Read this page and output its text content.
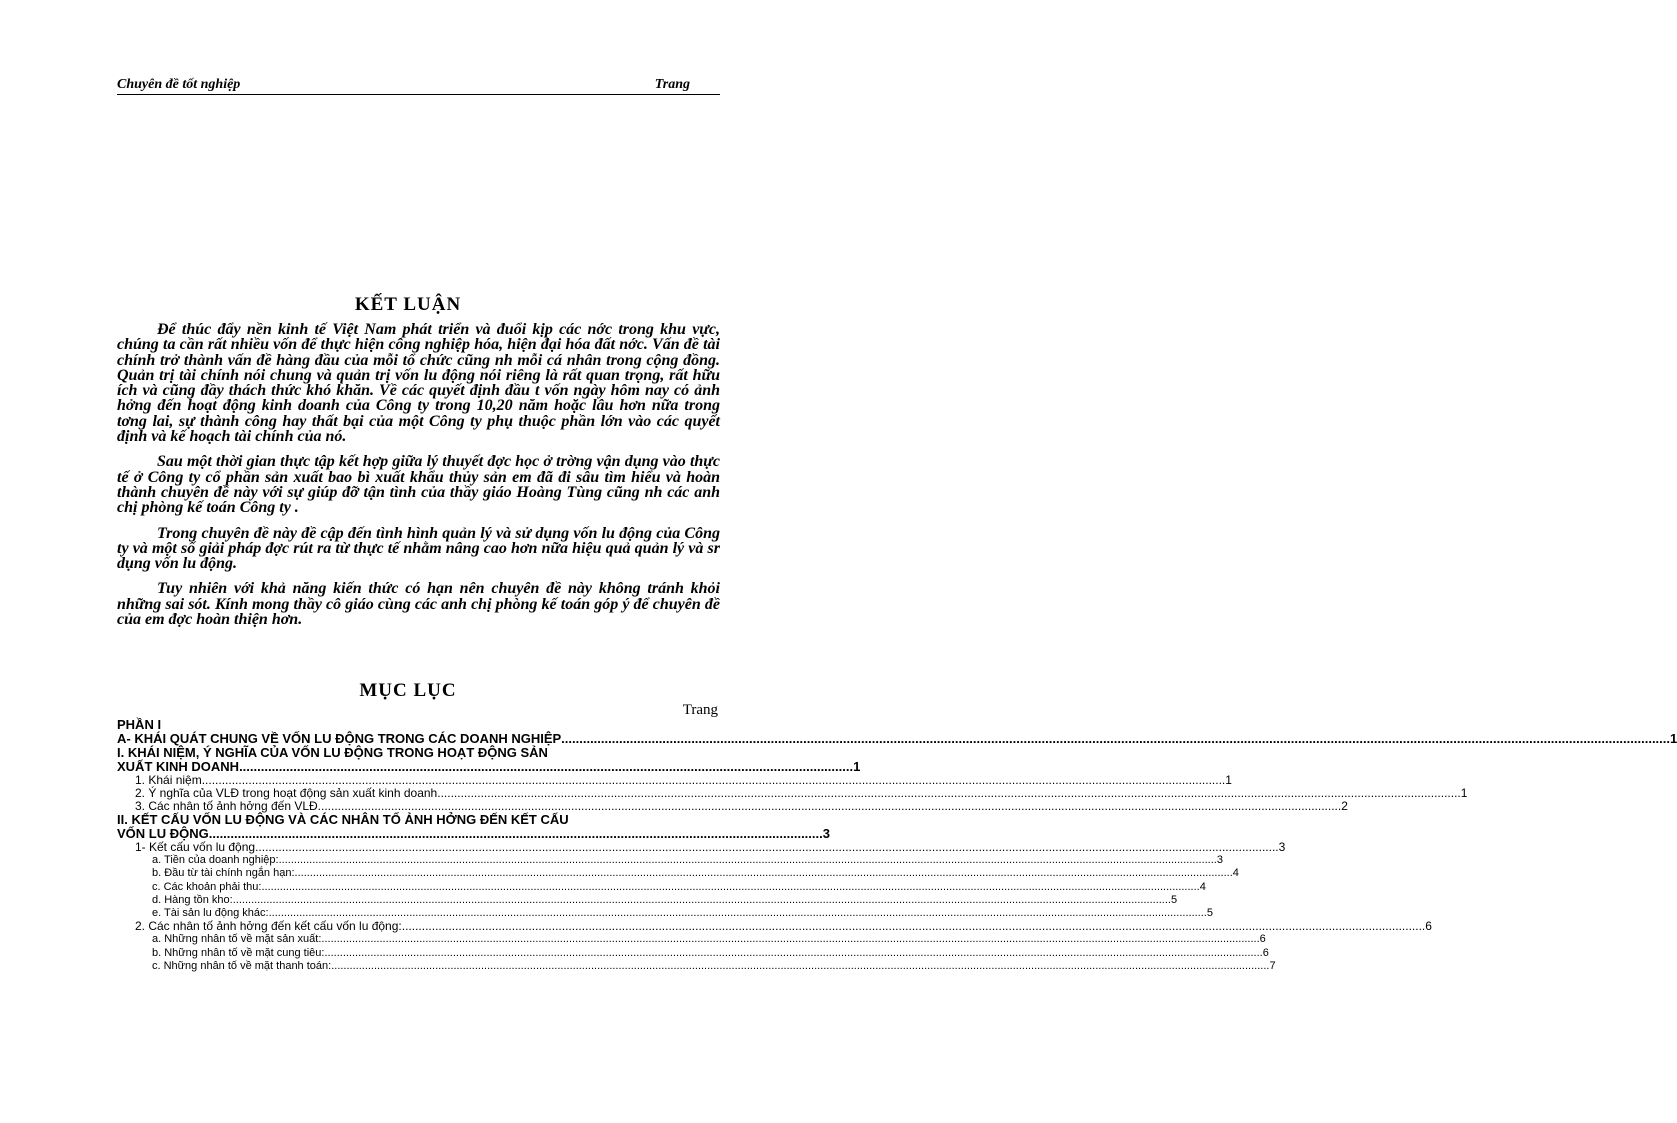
Chuyên đề tốt nghiệp	Trang
KẾT LUẬN

Để thúc đẩy nền kinh tế Việt Nam phát triển và đuổi kịp các nớc trong khu vực, chúng ta cần rất nhiều vốn để thực hiện công nghiệp hóa, hiện đại hóa đất nớc. Vấn đề tài chính trở thành vấn đề hàng đầu của mỗi tổ chức cũng nh mỗi cá nhân trong cộng đồng. Quản trị tài chính nói chung và quản trị vốn lu động nói riêng là rất quan trọng, rất hữu ích và cũng đầy thách thức khó khăn. Về các quyết định đầu t vốn ngày hôm nay có ảnh hởng đến hoạt động kinh doanh của Công ty trong 10,20 năm hoặc lâu hơn nữa trong tơng lai, sự thành công hay thất bại của một Công ty phụ thuộc phần lớn vào các quyết định và kế hoạch tài chính của nó.

Sau một thời gian thực tập kết hợp giữa lý thuyết đợc học ở trờng vận dụng vào thực tế ở Công ty cổ phần sản xuất bao bì xuất khẩu thủy sản em đã đi sâu tìm hiểu và hoàn thành chuyên đề này với sự giúp đỡ tận tình của thầy giáo Hoàng Tùng cũng nh các anh chị phòng kế toán Công ty .

Trong chuyên đề này đề cập đến tình hình quản lý và sử dụng vốn lu động của Công ty và một số giải pháp đợc rút ra từ thực tế nhằm nâng cao hơn nữa hiệu quả quản lý và sr dụng vốn lu động.

Tuy nhiên với khả năng kiến thức có hạn nên chuyên đề này không tránh khỏi những sai sót. Kính mong thầy cô giáo cùng các anh chị phòng kế toán góp ý để chuyên đề của em đợc hoàn thiện hơn.

MỤC LỤC
Trang
PHẦN I
A- KHÁI QUÁT CHUNG VỀ VỐN LU ĐỘNG TRONG CÁC DOANH NGHIỆP .....	1
I. KHÁI NIỆM, Ý NGHĨA CỦA VỐN LU ĐỘNG TRONG HOẠT ĐỘNG SẢN
XUẤT KINH DOANH .......................................................................................................................................................................... 1
1. Khái niệm .....	1
2. Ý nghĩa của VLĐ trong hoạt động sản xuất kinh doanh .....	1
3. Các nhân tố ảnh hởng đến VLĐ .....	2
II. KẾT CẤU VỐN LU ĐỘNG VÀ CÁC NHÂN TỐ ẢNH HỞNG ĐẾN KẾT CẤU
VỐN LU ĐỘNG .......................................................................................................................................................................... 3
1- Kết cấu vốn lu động .....	3
a. Tiền của doanh nghiệp: .....	3
b. Đầu từ tài chính ngắn hạn: .....	4
c. Các khoản phải thu: .....	4
d. Hàng tồn kho: .....	5
e. Tài sản lu động khác: .....	5
2. Các nhân tố ảnh hởng đến kết cấu vốn lu động: .....	6
a. Những nhân tố về mặt sản xuất: .....	6
b. Những nhân tố về mặt cung tiêu: .....	6
c. Những nhân tố về mặt thanh toán: .....	7
